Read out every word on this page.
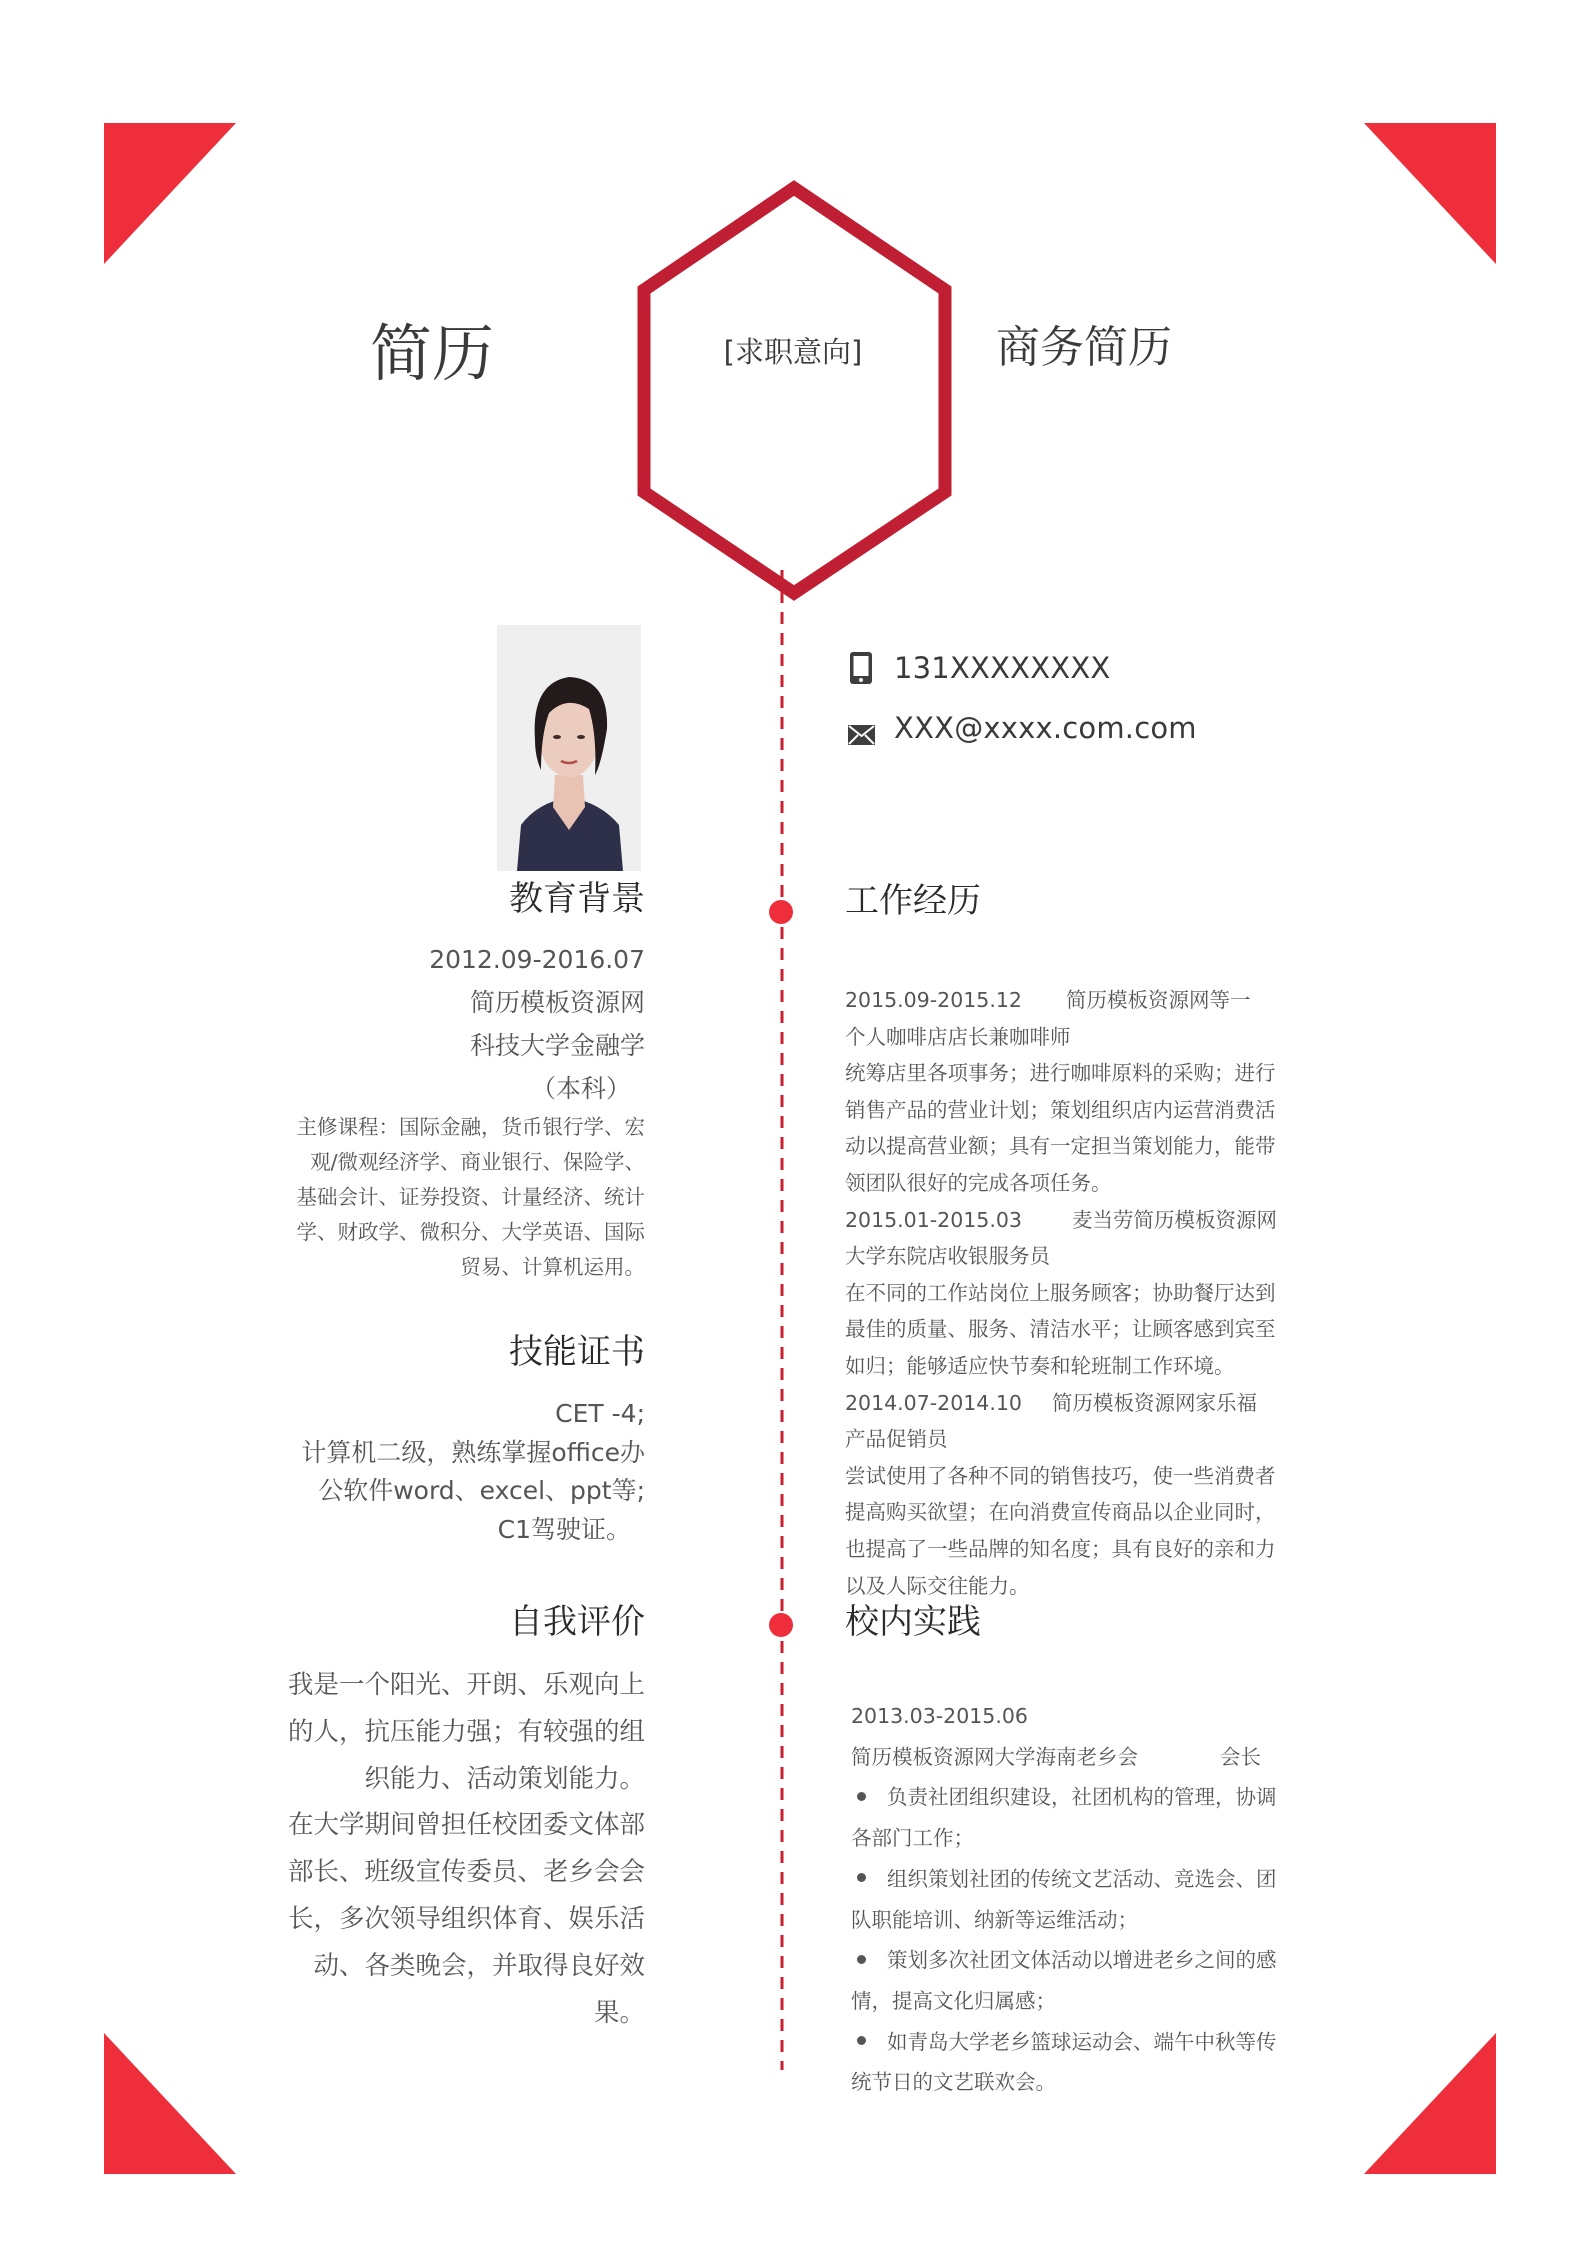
简历	[求职意向]	商务简历
131XXXXXXXX
XXX@xxxx.com.com
教育背景
2012.09-2016.07
简历模板资源网
科技大学金融学
（本科）
主修课程：国际金融，货币银行学、宏
观/微观经济学、商业银行、保险学、
基础会计、证券投资、计量经济、统计
学、财政学、微积分、大学英语、国际
贸易、计算机运用。
技能证书
CET -4;
计算机二级，熟练掌握office办
公软件word、excel、ppt等;
C1驾驶证。
自我评价
我是一个阳光、开朗、乐观向上
的人，抗压能力强；有较强的组
织能力、活动策划能力。
在大学期间曾担任校团委文体部
部长、班级宣传委员、老乡会会
长，多次领导组织体育、娱乐活
动、各类晚会，并取得良好效
果。
工作经历
2015.09-2015.12 简历模板资源网等一
个人咖啡店店长兼咖啡师
统筹店里各项事务；进行咖啡原料的采购；进行
销售产品的营业计划；策划组织店内运营消费活
动以提高营业额；具有一定担当策划能力，能带
领团队很好的完成各项任务。
2015.01-2015.03 麦当劳简历模板资源网
大学东院店收银服务员
在不同的工作站岗位上服务顾客；协助餐厅达到
最佳的质量、服务、清洁水平；让顾客感到宾至
如归；能够适应快节奏和轮班制工作环境。
2014.07-2014.10 简历模板资源网家乐福
产品促销员
尝试使用了各种不同的销售技巧，使一些消费者
提高购买欲望；在向消费宣传商品以企业同时，
也提高了一些品牌的知名度；具有良好的亲和力
以及人际交往能力。
校内实践
2013.03-2015.06
简历模板资源网大学海南老乡会	会长
负责社团组织建设，社团机构的管理，协调
各部门工作；
组织策划社团的传统文艺活动、竞选会、团
队职能培训、纳新等运维活动；
策划多次社团文体活动以增进老乡之间的感
情，提高文化归属感；
如青岛大学老乡篮球运动会、端午中秋等传
统节日的文艺联欢会。
